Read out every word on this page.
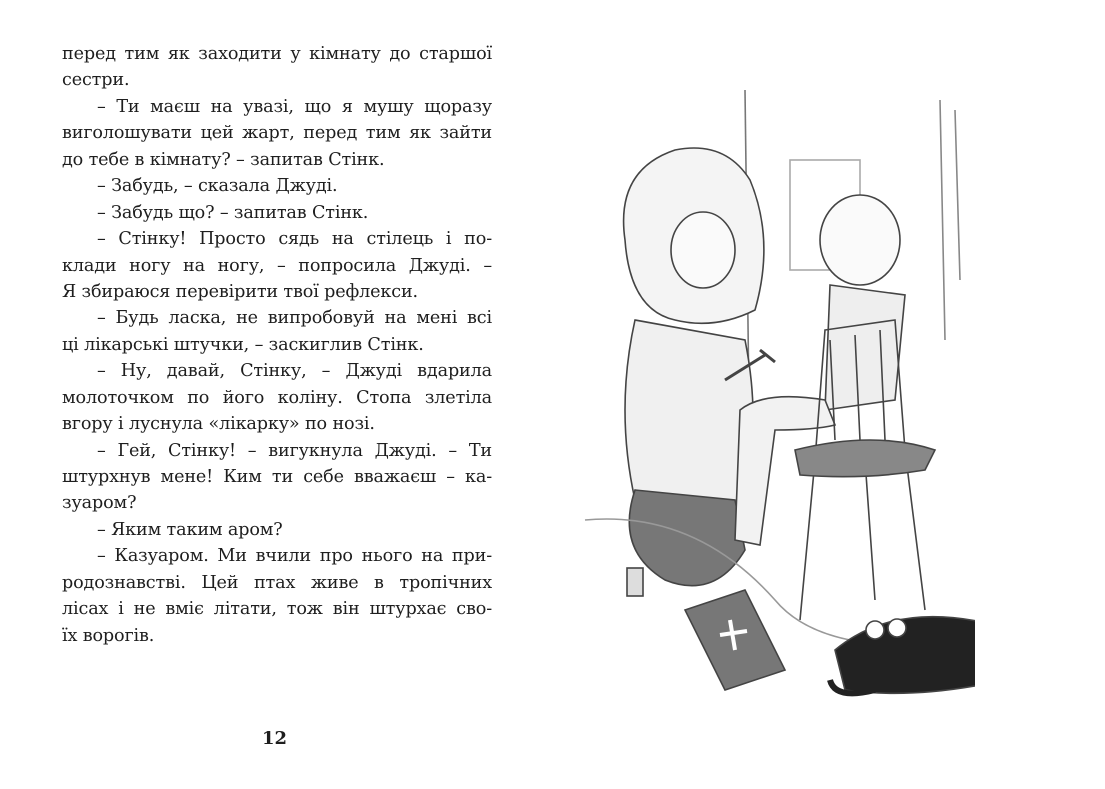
перед тим як заходити у кімнату до старшої
сестри.
– Ти маєш на увазі, що я мушу щоразу
виголошувати цей жарт, перед тим як зайти
до тебе в кімнату? – запитав Стінк.
– Забудь, – сказала Джуді.
– Забудь що? – запитав Стінк.
– Стінку! Просто сядь на стілець і по-
клади ногу на ногу, – попросила Джуді. –
Я збираюся перевірити твої рефлекси.
– Будь ласка, не випробовуй на мені всі
ці лікарські штучки, – заскиглив Стінк.
– Ну, давай, Стінку, – Джуді вдарила
молоточком по його коліну. Стопа злетіла
вгору і луснула «лікарку» по нозі.
– Гей, Стінку! – вигукнула Джуді. – Ти
штурхнув мене! Ким ти себе вважаєш – ка-
зуаром?
– Яким таким аром?
– Казуаром. Ми вчили про нього на при-
родознавстві. Цей птах живе в тропічних
лісах і не вміє літати, тож він штурхає сво-
їх ворогів.
12
